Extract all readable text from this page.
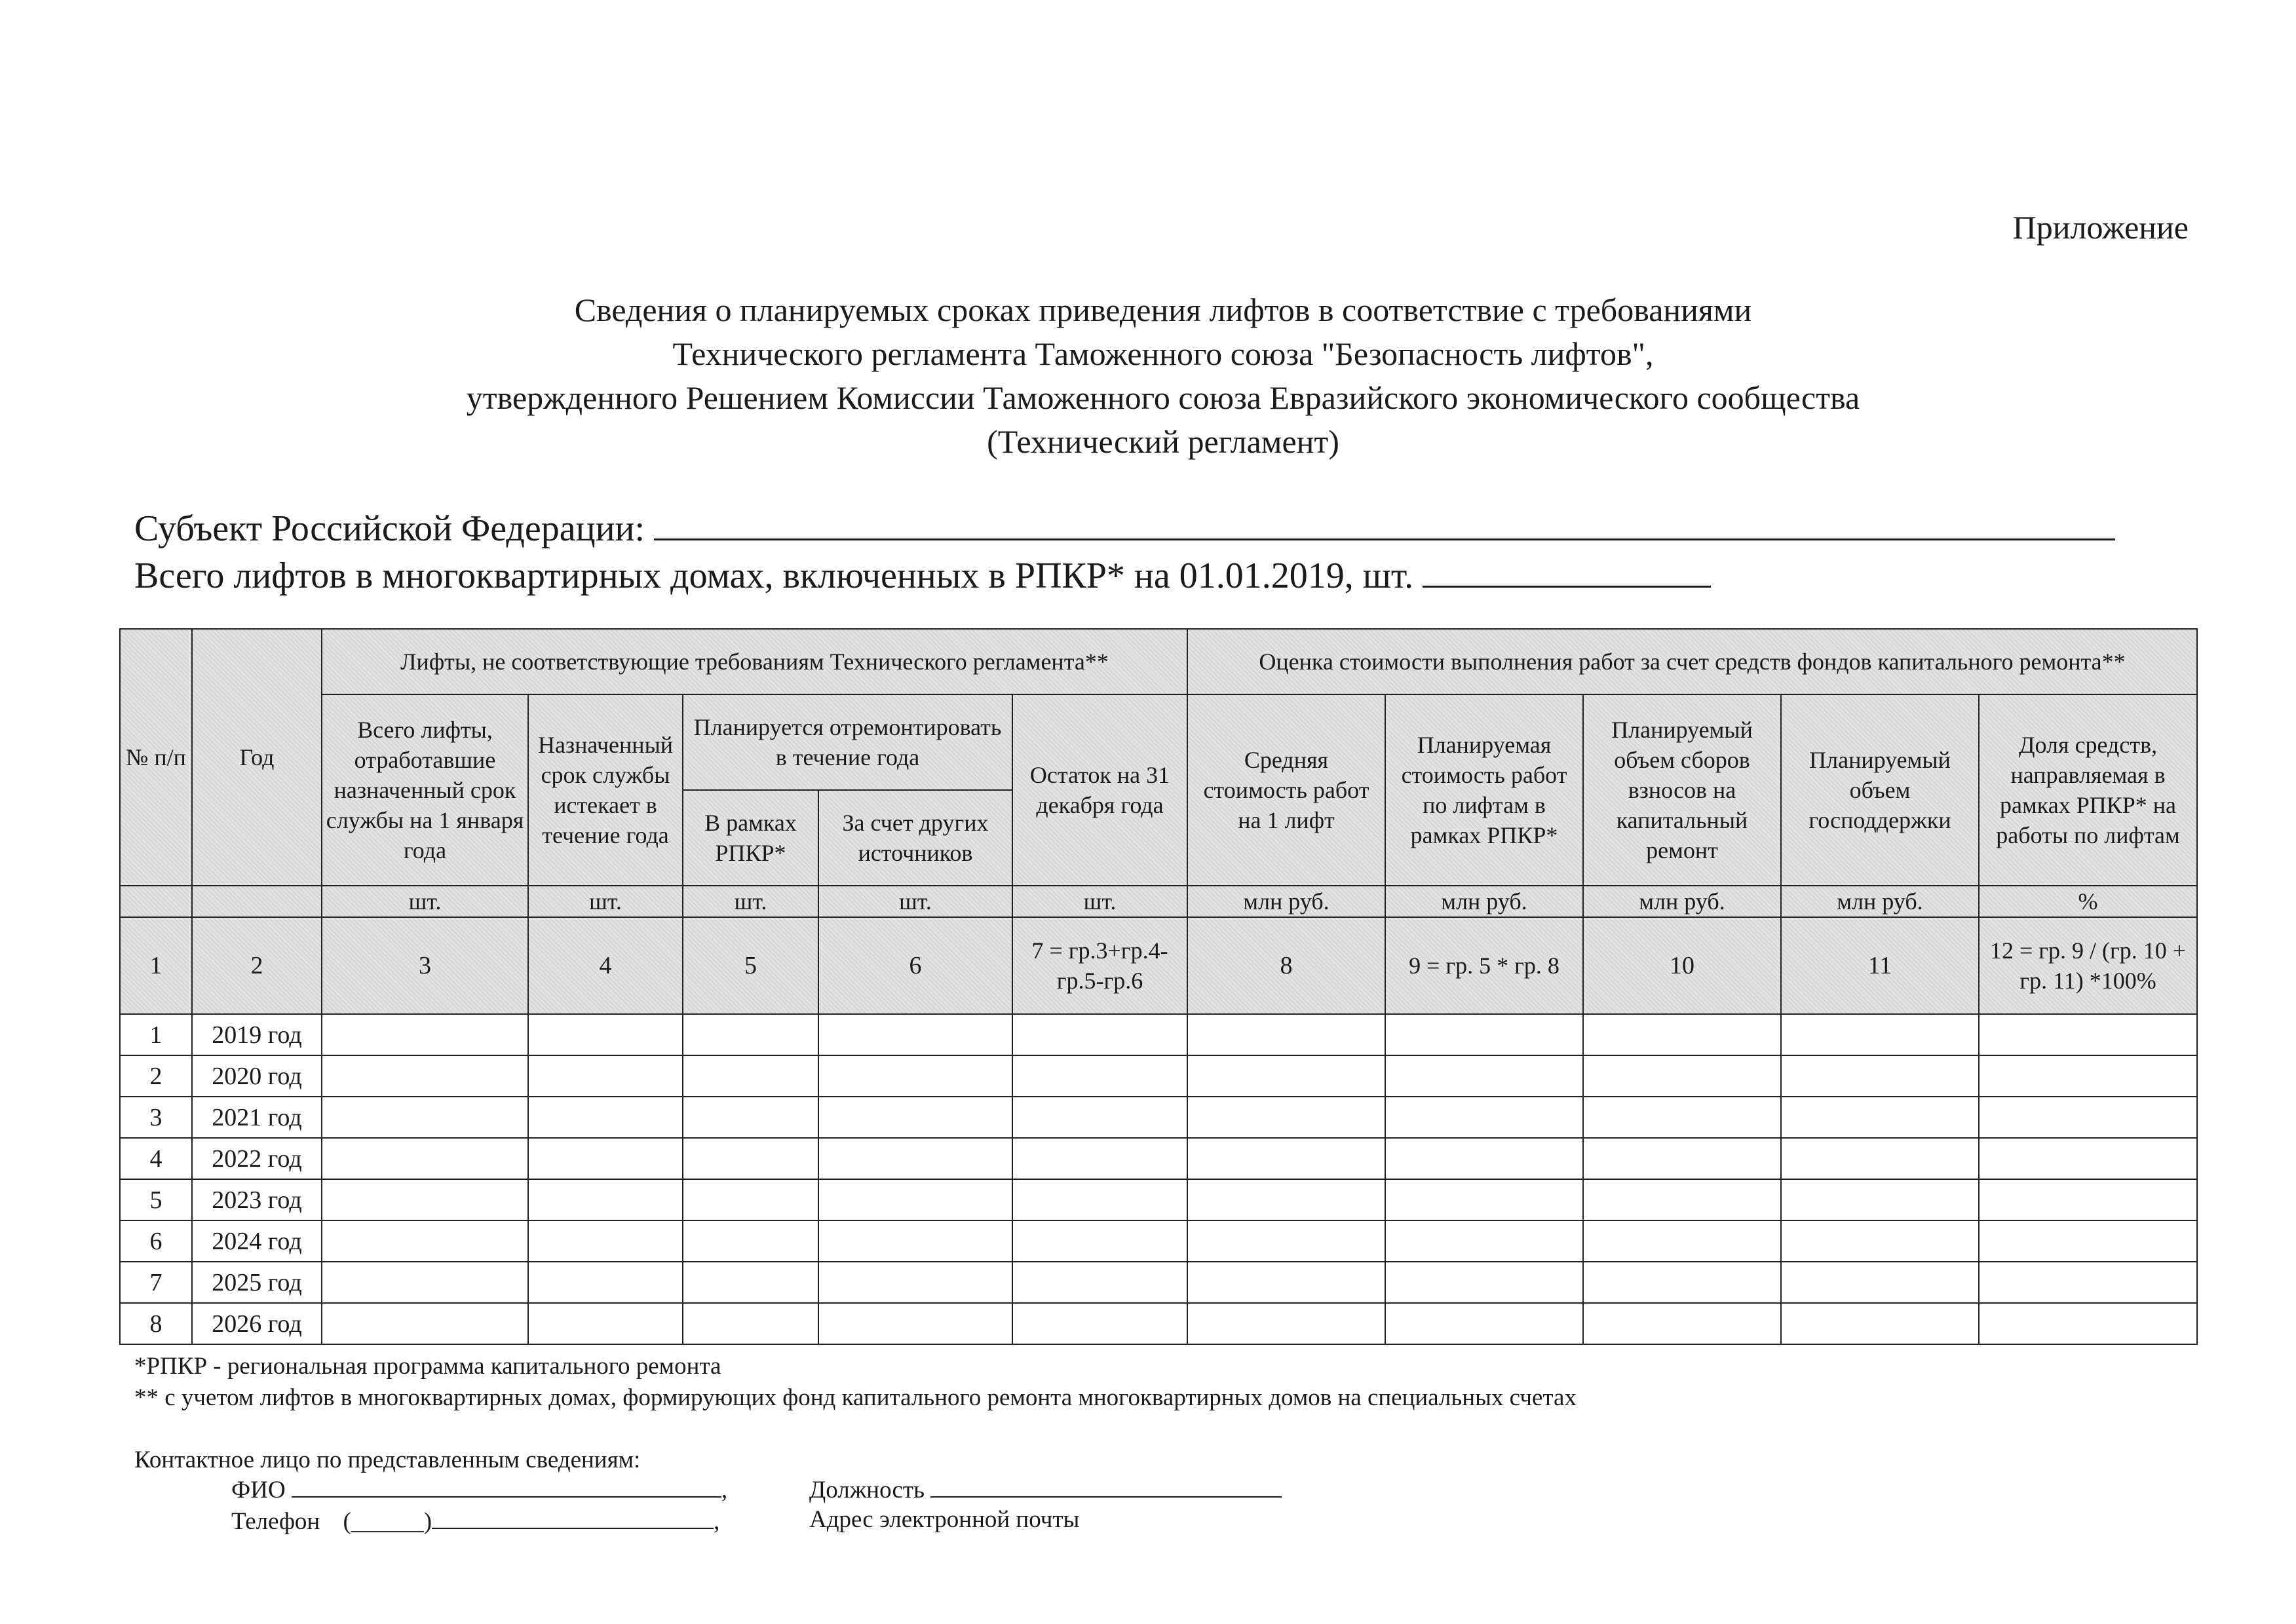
Приложение
Сведения о планируемых сроках приведения лифтов в соответствие с требованиями
Технического регламента Таможенного союза "Безопасность лифтов",
утвержденного Решением Комиссии Таможенного союза Евразийского экономического сообщества
(Технический регламент)
Субъект Российской Федерации:
Всего лифтов в многоквартирных домах, включенных в РПКР* на 01.01.2019, шт.
№ п/п	Год	Лифты, не соответствующие требованиям Технического регламента**					Оценка стоимости выполнения работ за счет средств фондов капитального ремонта**				
		Всего лифты, отработавшие назначенный срок службы на 1 января года	Назначенный срок службы истекает в течение года	Планируется отремонтировать в течение года		Остаток на 31 декабря года	Средняя стоимость работ на 1 лифт	Планируемая стоимость работ по лифтам в рамках РПКР*	Планируемый объем сборов взносов на капитальный ремонт	Планируемый объем господдержки	Доля средств, направляемая в рамках РПКР* на работы по лифтам
				В рамках РПКР*	За счет других источников						
		шт.	шт.	шт.	шт.	шт.	млн руб.	млн руб.	млн руб.	млн руб.	%
1	2	3	4	5	6	7 = гр.3+гр.4-гр.5-гр.6	8	9 = гр. 5 * гр. 8	10	11	12 = гр. 9 / (гр. 10 + гр. 11) *100%
1	2019 год										
2	2020 год										
3	2021 год										
4	2022 год										
5	2023 год										
6	2024 год										
7	2025 год										
8	2026 год										
*РПКР - региональная программа капитального ремонта
** с учетом лифтов в многоквартирных домах, формирующих фонд капитального ремонта многоквартирных домов на специальных счетах
Контактное лицо по представленным сведениям:
ФИО	,	Должность
Телефон (______)	,	Адрес электронной почты
